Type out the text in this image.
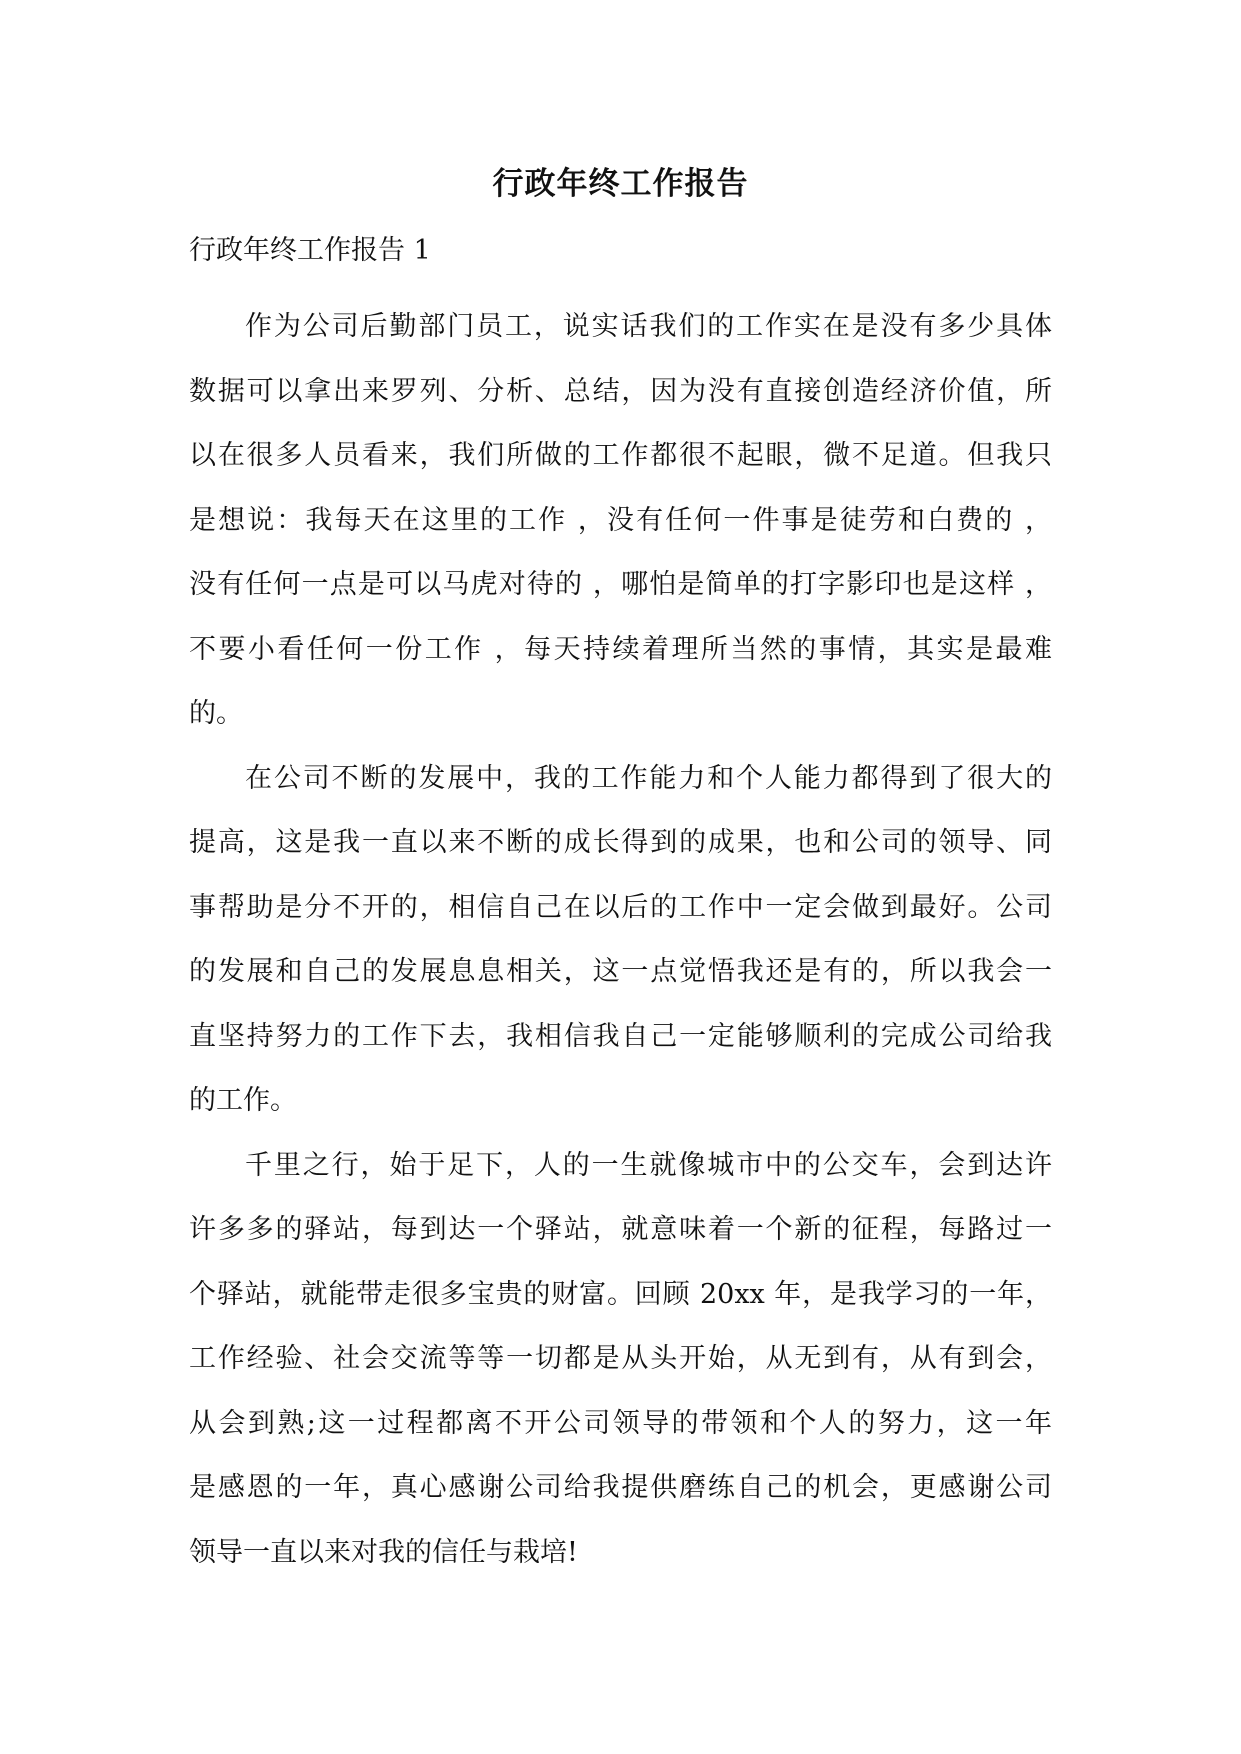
行政年终工作报告

行政年终工作报告 1

作为公司后勤部门员工，说实话我们的工作实在是没有多少具体
数据可以拿出来罗列、分析、总结，因为没有直接创造经济价值，所
以在很多人员看来，我们所做的工作都很不起眼，微不足道。但我只
是想说：我每天在这里的工作 ，没有任何一件事是徒劳和白费的 ，
没有任何一点是可以马虎对待的 ，哪怕是简单的打字影印也是这样 ，
不要小看任何一份工作 ，每天持续着理所当然的事情，其实是最难
的。
在公司不断的发展中，我的工作能力和个人能力都得到了很大的
提高，这是我一直以来不断的成长得到的成果，也和公司的领导、同
事帮助是分不开的，相信自己在以后的工作中一定会做到最好。公司
的发展和自己的发展息息相关，这一点觉悟我还是有的，所以我会一
直坚持努力的工作下去，我相信我自己一定能够顺利的完成公司给我
的工作。
千里之行，始于足下，人的一生就像城市中的公交车，会到达许
许多多的驿站，每到达一个驿站，就意味着一个新的征程，每路过一
个驿站，就能带走很多宝贵的财富。回顾 20xx 年，是我学习的一年，
工作经验、社会交流等等一切都是从头开始，从无到有，从有到会，
从会到熟;这一过程都离不开公司领导的带领和个人的努力，这一年
是感恩的一年，真心感谢公司给我提供磨练自己的机会，更感谢公司
领导一直以来对我的信任与栽培!
